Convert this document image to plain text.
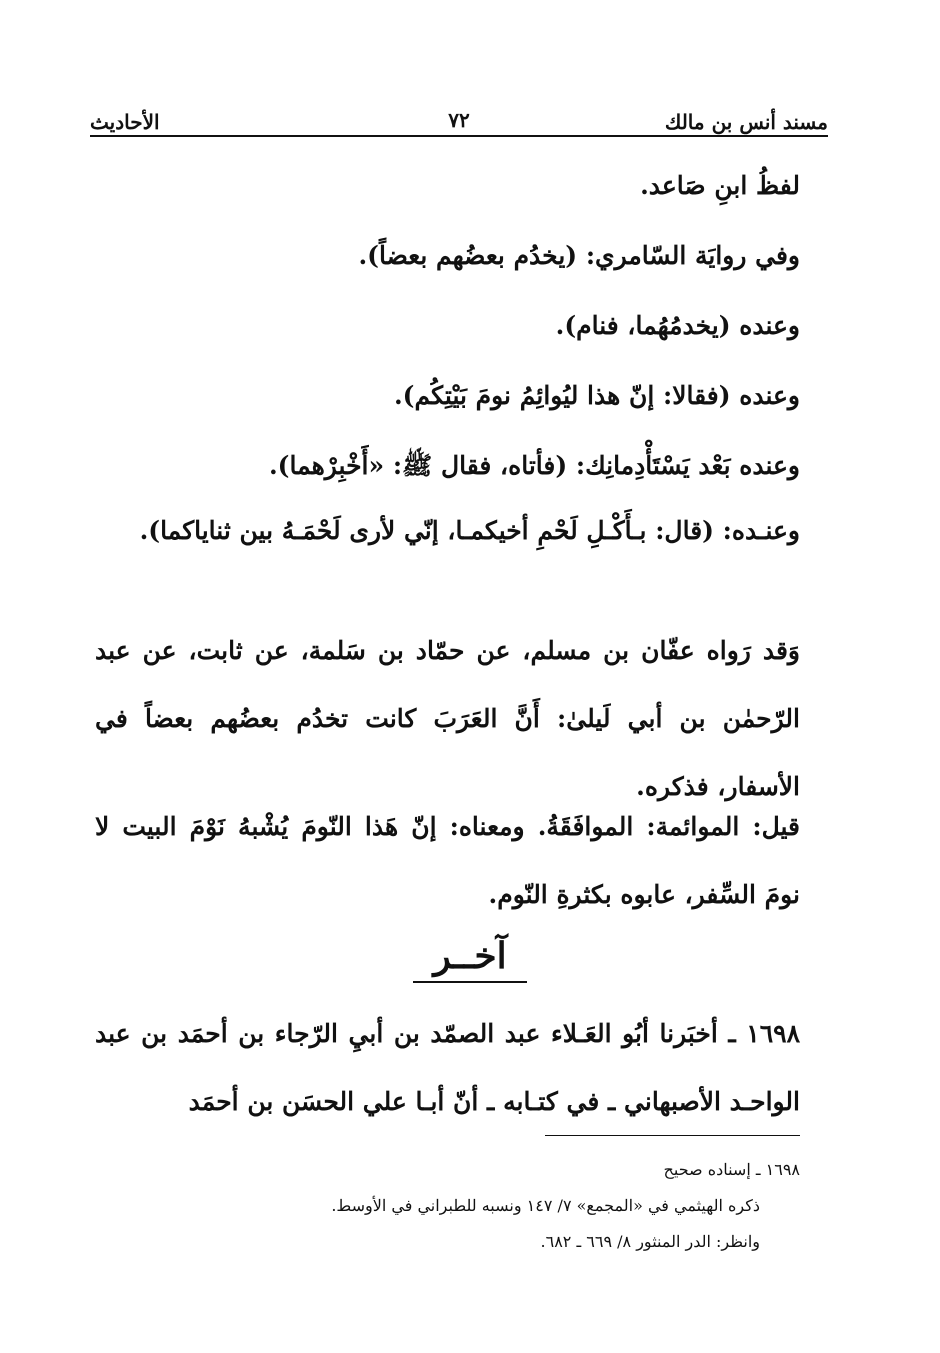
مسند أنس بن مالك
٧٢
الأحاديث

لفظُ ابنِ صَاعد.

وفي روايَة السّامري: (يخدُم بعضُهم بعضاً).

وعنده (يخدمُهُما، فنام).

وعنده (فقالا: إنّ هذا ليُوائِمُ نومَ بَيْتِكُم).

وعنده بَعْد يَسْتَأْدِمانِك: (فأتاه، فقال ﷺ: «أَخْبِرْهما).

وعنـده: (قال: بـأَكْـلِ لَحْمِ أخيكمـا، إنّي لأرى لَحْمَـهُ بين ثناياكما).

وَقد رَواه عفّان بن مسلم، عن حمّاد بن سَلمة، عن ثابت، عن عبد الرّحمٰن بن أبي لَيلىٰ: أَنَّ العَرَبَ كانت تخدُم بعضُهم بعضاً في الأسفار، فذكره.

قيل: الموائمة: الموافَقَةُ. ومعناه: إنّ هَذا النّومَ يُشْبهُ نَوْمَ البيت لا نومَ السِّفر، عابوه بكثرةِ النّوم.

آخــر

١٦٩٨ ـ أخبَرنا أبُو العَـلاء عبد الصمّد بن أبيِ الرّجاء بن أحمَد بن عبد الواحـد الأصبهاني ـ في كتـابه ـ أنّ أبـا علي الحسَن بن أحمَد

١٦٩٨ ـ إسناده صحيح
ذكره الهيثمي في «المجمع» ٧/ ١٤٧ ونسبه للطبراني في الأوسط.
وانظر: الدر المنثور ٨/ ٦٦٩ ـ ٦٨٢.
